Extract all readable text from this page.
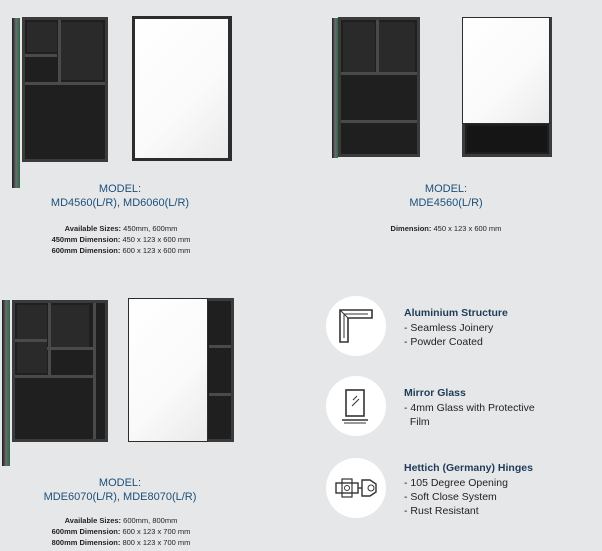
MODEL:
MD4560(L/R), MD6060(L/R)
Available Sizes: 450mm, 600mm
450mm Dimension: 450 x 123 x 600 mm
600mm Dimension: 600 x 123 x 600 mm
MODEL:
MDE4560(L/R)
Dimension: 450 x 123 x 600 mm
MODEL:
MDE6070(L/R), MDE8070(L/R)
Available Sizes: 600mm, 800mm
600mm Dimension: 600 x 123 x 700 mm
800mm Dimension: 800 x 123 x 700 mm
Aluminium Structure
- Seamless Joinery
- Powder Coated
Mirror Glass
- 4mm Glass with Protective
Film
Hettich (Germany) Hinges
- 105 Degree Opening
- Soft Close System
- Rust Resistant
